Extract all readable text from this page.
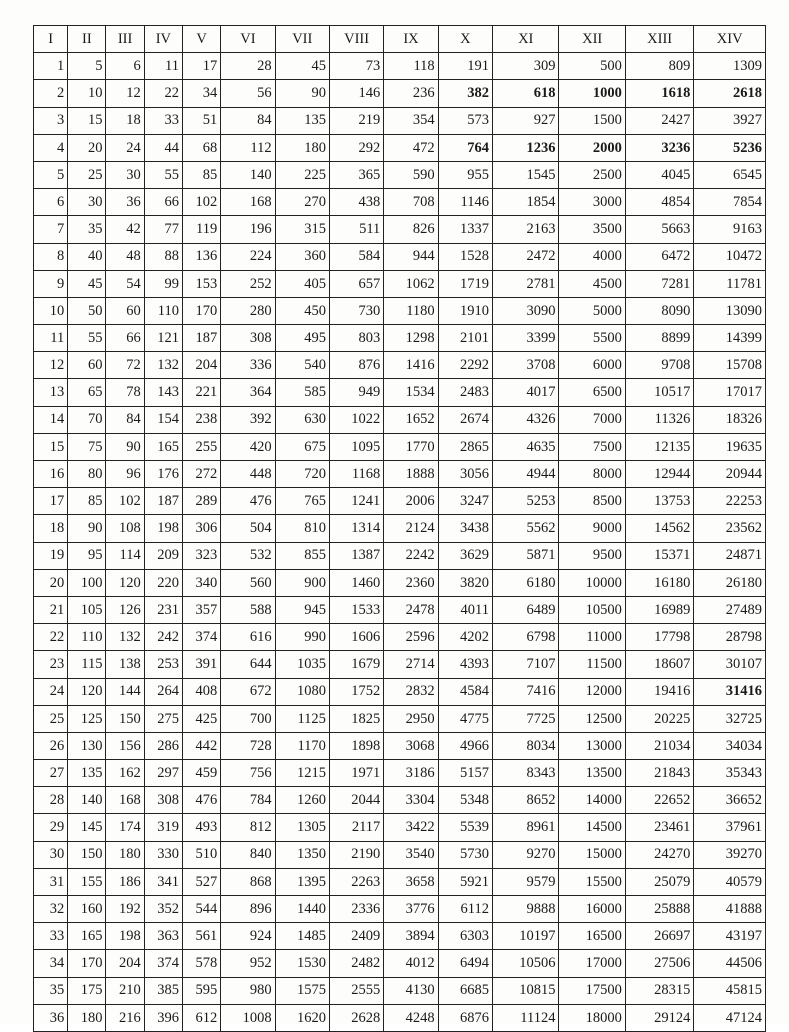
I	II	III	IV	V	VI	VII	VIII	IX	X	XI	XII	XIII	XIV
1	5	6	11	17	28	45	73	118	191	309	500	809	1309
2	10	12	22	34	56	90	146	236	382	618	1000	1618	2618
3	15	18	33	51	84	135	219	354	573	927	1500	2427	3927
4	20	24	44	68	112	180	292	472	764	1236	2000	3236	5236
5	25	30	55	85	140	225	365	590	955	1545	2500	4045	6545
6	30	36	66	102	168	270	438	708	1146	1854	3000	4854	7854
7	35	42	77	119	196	315	511	826	1337	2163	3500	5663	9163
8	40	48	88	136	224	360	584	944	1528	2472	4000	6472	10472
9	45	54	99	153	252	405	657	1062	1719	2781	4500	7281	11781
10	50	60	110	170	280	450	730	1180	1910	3090	5000	8090	13090
11	55	66	121	187	308	495	803	1298	2101	3399	5500	8899	14399
12	60	72	132	204	336	540	876	1416	2292	3708	6000	9708	15708
13	65	78	143	221	364	585	949	1534	2483	4017	6500	10517	17017
14	70	84	154	238	392	630	1022	1652	2674	4326	7000	11326	18326
15	75	90	165	255	420	675	1095	1770	2865	4635	7500	12135	19635
16	80	96	176	272	448	720	1168	1888	3056	4944	8000	12944	20944
17	85	102	187	289	476	765	1241	2006	3247	5253	8500	13753	22253
18	90	108	198	306	504	810	1314	2124	3438	5562	9000	14562	23562
19	95	114	209	323	532	855	1387	2242	3629	5871	9500	15371	24871
20	100	120	220	340	560	900	1460	2360	3820	6180	10000	16180	26180
21	105	126	231	357	588	945	1533	2478	4011	6489	10500	16989	27489
22	110	132	242	374	616	990	1606	2596	4202	6798	11000	17798	28798
23	115	138	253	391	644	1035	1679	2714	4393	7107	11500	18607	30107
24	120	144	264	408	672	1080	1752	2832	4584	7416	12000	19416	31416
25	125	150	275	425	700	1125	1825	2950	4775	7725	12500	20225	32725
26	130	156	286	442	728	1170	1898	3068	4966	8034	13000	21034	34034
27	135	162	297	459	756	1215	1971	3186	5157	8343	13500	21843	35343
28	140	168	308	476	784	1260	2044	3304	5348	8652	14000	22652	36652
29	145	174	319	493	812	1305	2117	3422	5539	8961	14500	23461	37961
30	150	180	330	510	840	1350	2190	3540	5730	9270	15000	24270	39270
31	155	186	341	527	868	1395	2263	3658	5921	9579	15500	25079	40579
32	160	192	352	544	896	1440	2336	3776	6112	9888	16000	25888	41888
33	165	198	363	561	924	1485	2409	3894	6303	10197	16500	26697	43197
34	170	204	374	578	952	1530	2482	4012	6494	10506	17000	27506	44506
35	175	210	385	595	980	1575	2555	4130	6685	10815	17500	28315	45815
36	180	216	396	612	1008	1620	2628	4248	6876	11124	18000	29124	47124
